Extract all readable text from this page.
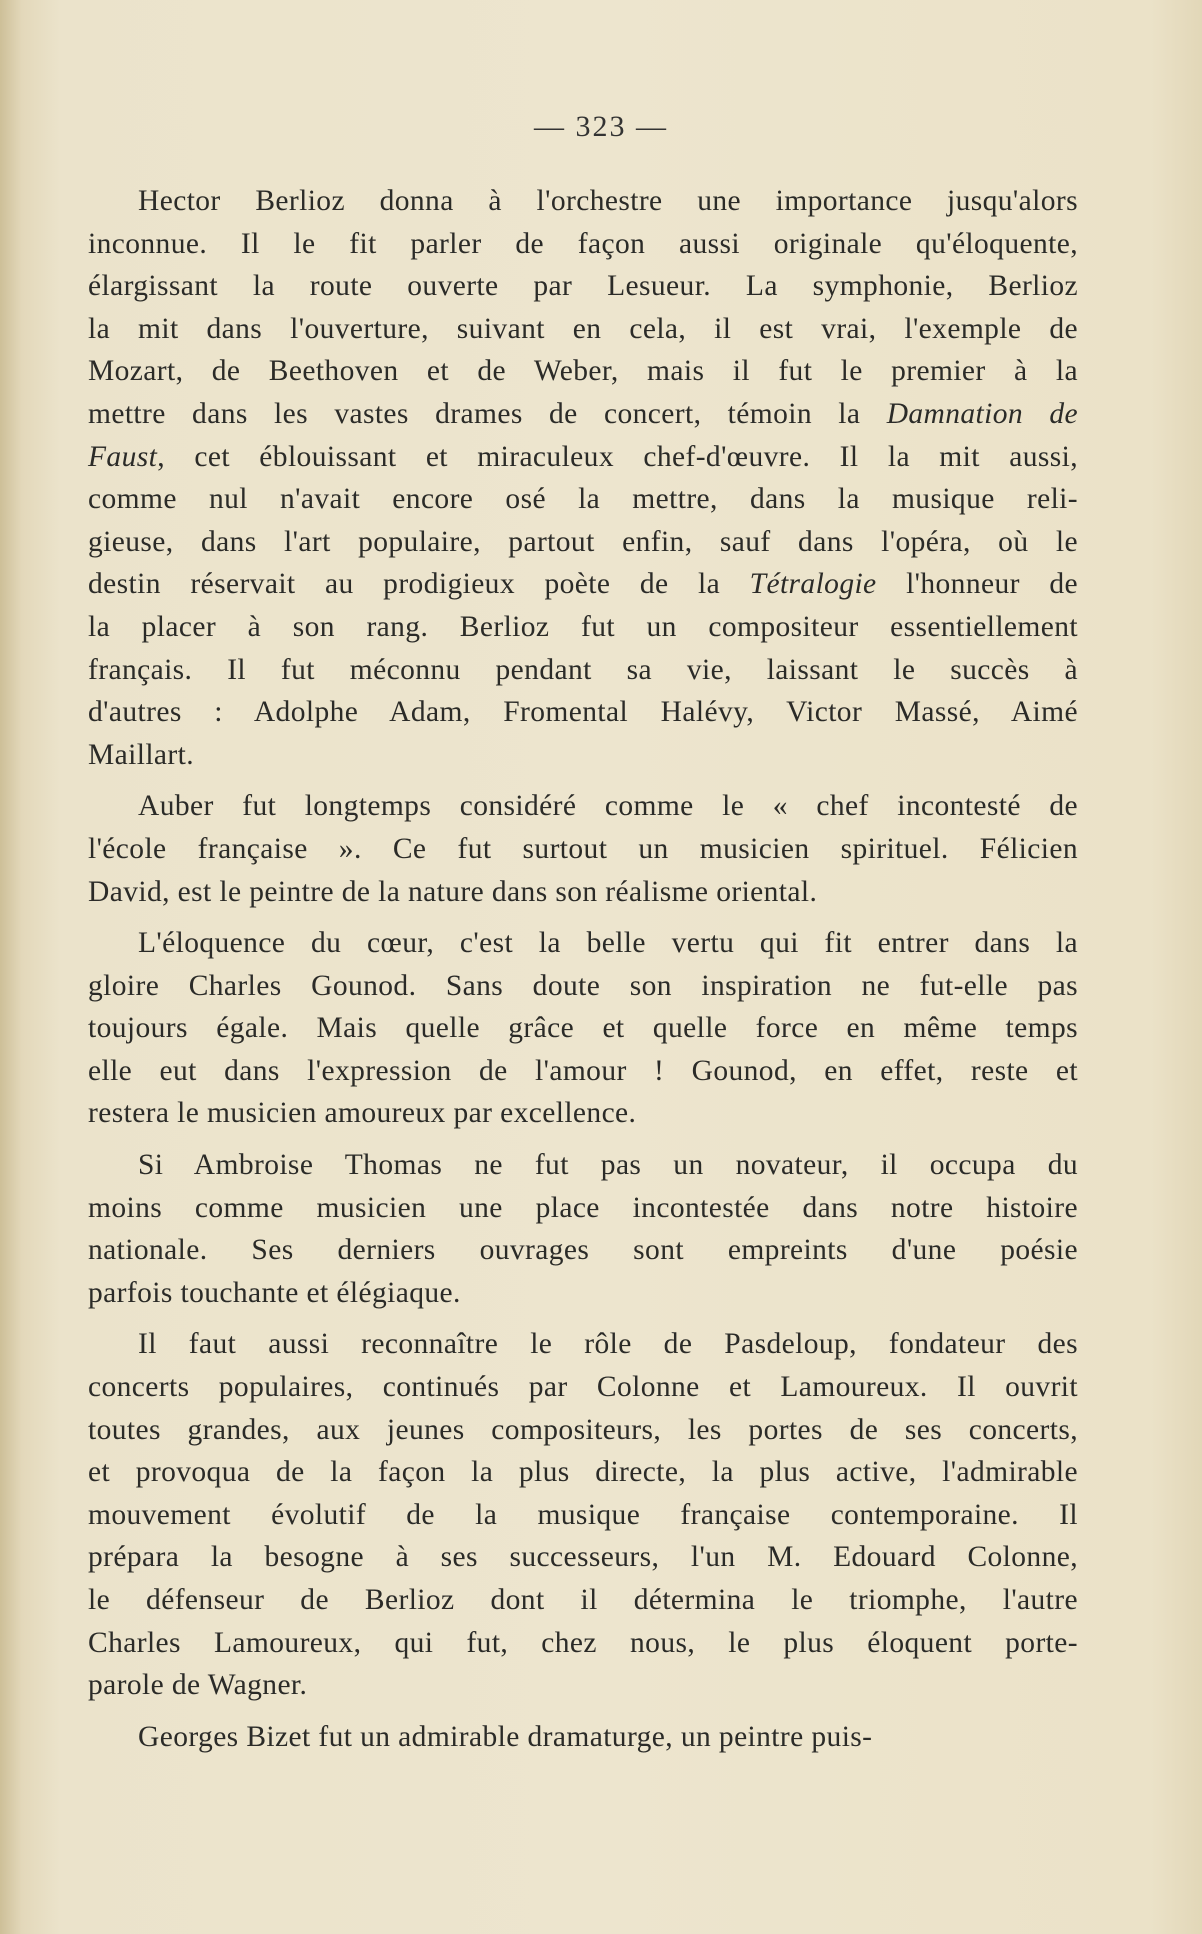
— 323 —
Hector Berlioz donna à l'orchestre une importance jusqu'alors
inconnue. Il le fit parler de façon aussi originale qu'éloquente,
élargissant la route ouverte par Lesueur. La symphonie, Berlioz
la mit dans l'ouverture, suivant en cela, il est vrai, l'exemple de
Mozart, de Beethoven et de Weber, mais il fut le premier à la
mettre dans les vastes drames de concert, témoin la Damnation de
Faust, cet éblouissant et miraculeux chef-d'œuvre. Il la mit aussi,
comme nul n'avait encore osé la mettre, dans la musique reli-
gieuse, dans l'art populaire, partout enfin, sauf dans l'opéra, où le
destin réservait au prodigieux poète de la Tétralogie l'honneur de
la placer à son rang. Berlioz fut un compositeur essentiellement
français. Il fut méconnu pendant sa vie, laissant le succès à
d'autres : Adolphe Adam, Fromental Halévy, Victor Massé, Aimé
Maillart.
Auber fut longtemps considéré comme le « chef incontesté de
l'école française ». Ce fut surtout un musicien spirituel. Félicien
David, est le peintre de la nature dans son réalisme oriental.
L'éloquence du cœur, c'est la belle vertu qui fit entrer dans la
gloire Charles Gounod. Sans doute son inspiration ne fut-elle pas
toujours égale. Mais quelle grâce et quelle force en même temps
elle eut dans l'expression de l'amour ! Gounod, en effet, reste et
restera le musicien amoureux par excellence.
Si Ambroise Thomas ne fut pas un novateur, il occupa du
moins comme musicien une place incontestée dans notre histoire
nationale. Ses derniers ouvrages sont empreints d'une poésie
parfois touchante et élégiaque.
Il faut aussi reconnaître le rôle de Pasdeloup, fondateur des
concerts populaires, continués par Colonne et Lamoureux. Il ouvrit
toutes grandes, aux jeunes compositeurs, les portes de ses concerts,
et provoqua de la façon la plus directe, la plus active, l'admirable
mouvement évolutif de la musique française contemporaine. Il
prépara la besogne à ses successeurs, l'un M. Edouard Colonne,
le défenseur de Berlioz dont il détermina le triomphe, l'autre
Charles Lamoureux, qui fut, chez nous, le plus éloquent porte-
parole de Wagner.
Georges Bizet fut un admirable dramaturge, un peintre puis-
